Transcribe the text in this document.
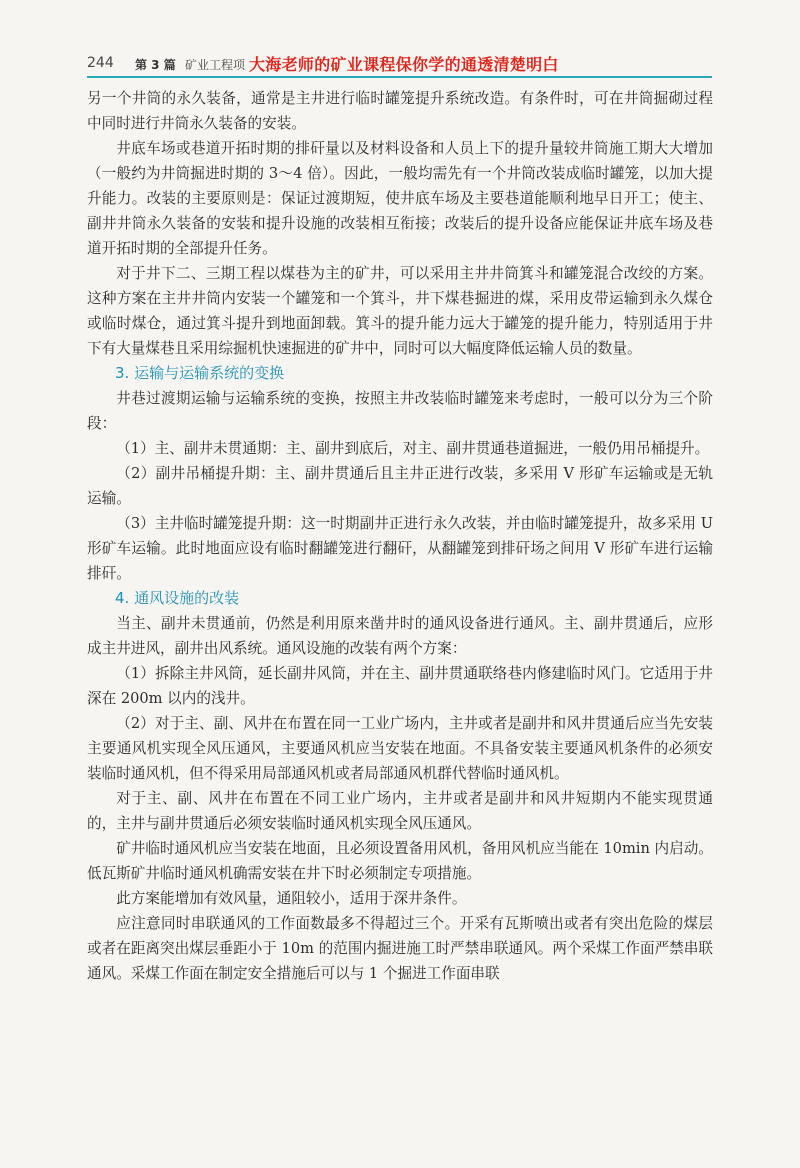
244 第 3 篇 矿业工程项 大海老师的矿业课程保你学的通透清楚明白

另一个井筒的永久装备，通常是主井进行临时罐笼提升系统改造。有条件时，可在井筒掘砌过程中同时进行井筒永久装备的安装。

井底车场或巷道开拓时期的排矸量以及材料设备和人员上下的提升量较井筒施工期大大增加（一般约为井筒掘进时期的 3～4 倍）。因此，一般均需先有一个井筒改装成临时罐笼，以加大提升能力。改装的主要原则是：保证过渡期短，使井底车场及主要巷道能顺利地早日开工；使主、副井井筒永久装备的安装和提升设施的改装相互衔接；改装后的提升设备应能保证井底车场及巷道开拓时期的全部提升任务。

对于井下二、三期工程以煤巷为主的矿井，可以采用主井井筒箕斗和罐笼混合改绞的方案。这种方案在主井井筒内安装一个罐笼和一个箕斗，井下煤巷掘进的煤，采用皮带运输到永久煤仓或临时煤仓，通过箕斗提升到地面卸载。箕斗的提升能力远大于罐笼的提升能力，特别适用于井下有大量煤巷且采用综掘机快速掘进的矿井中，同时可以大幅度降低运输人员的数量。

3. 运输与运输系统的变换

井巷过渡期运输与运输系统的变换，按照主井改装临时罐笼来考虑时，一般可以分为三个阶段：

（1）主、副井未贯通期：主、副井到底后，对主、副井贯通巷道掘进，一般仍用吊桶提升。

（2）副井吊桶提升期：主、副井贯通后且主井正进行改装，多采用 V 形矿车运输或是无轨运输。

（3）主井临时罐笼提升期：这一时期副井正进行永久改装，并由临时罐笼提升，故多采用 U 形矿车运输。此时地面应设有临时翻罐笼进行翻矸，从翻罐笼到排矸场之间用 V 形矿车进行运输排矸。

4. 通风设施的改装

当主、副井未贯通前，仍然是利用原来凿井时的通风设备进行通风。主、副井贯通后，应形成主井进风，副井出风系统。通风设施的改装有两个方案：

（1）拆除主井风筒，延长副井风筒，并在主、副井贯通联络巷内修建临时风门。它适用于井深在 200m 以内的浅井。

（2）对于主、副、风井在布置在同一工业广场内，主井或者是副井和风井贯通后应当先安装主要通风机实现全风压通风，主要通风机应当安装在地面。不具备安装主要通风机条件的必须安装临时通风机，但不得采用局部通风机或者局部通风机群代替临时通风机。

对于主、副、风井在布置在不同工业广场内，主井或者是副井和风井短期内不能实现贯通的，主井与副井贯通后必须安装临时通风机实现全风压通风。

矿井临时通风机应当安装在地面，且必须设置备用风机，备用风机应当能在 10min 内启动。低瓦斯矿井临时通风机确需安装在井下时必须制定专项措施。

此方案能增加有效风量，通阻较小，适用于深井条件。

应注意同时串联通风的工作面数最多不得超过三个。开采有瓦斯喷出或者有突出危险的煤层或者在距离突出煤层垂距小于 10m 的范围内掘进施工时严禁串联通风。两个采煤工作面严禁串联通风。采煤工作面在制定安全措施后可以与 1 个掘进工作面串联
